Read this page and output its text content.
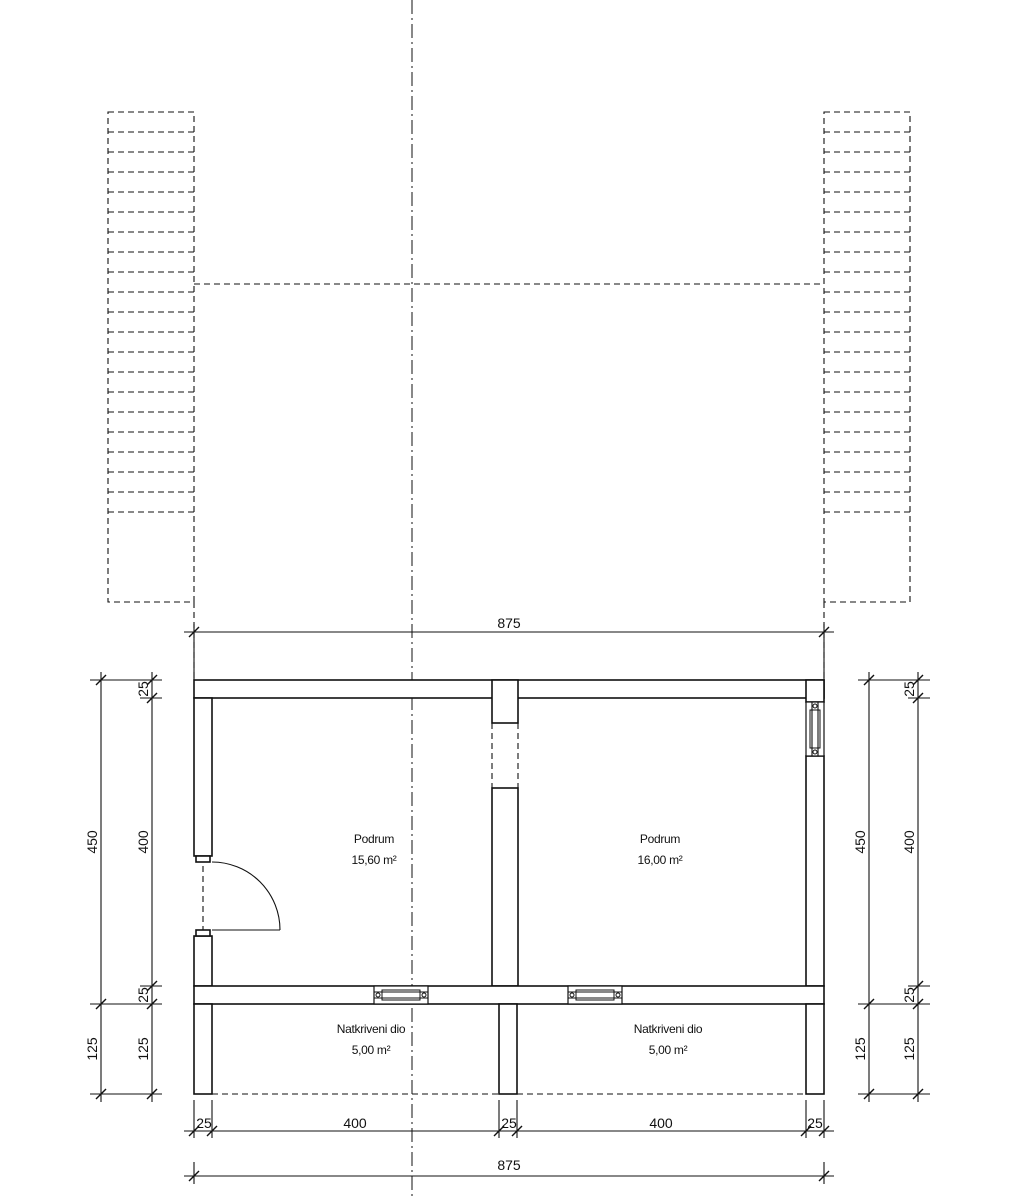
Podrum
15,60 m²
Podrum
16,00 m²
Natkriveni dio
5,00 m²
Natkriveni dio
5,00 m²
875
25	400	25	400	25
875
450
125
25
400
25
125
450
125
25
400
25
125
